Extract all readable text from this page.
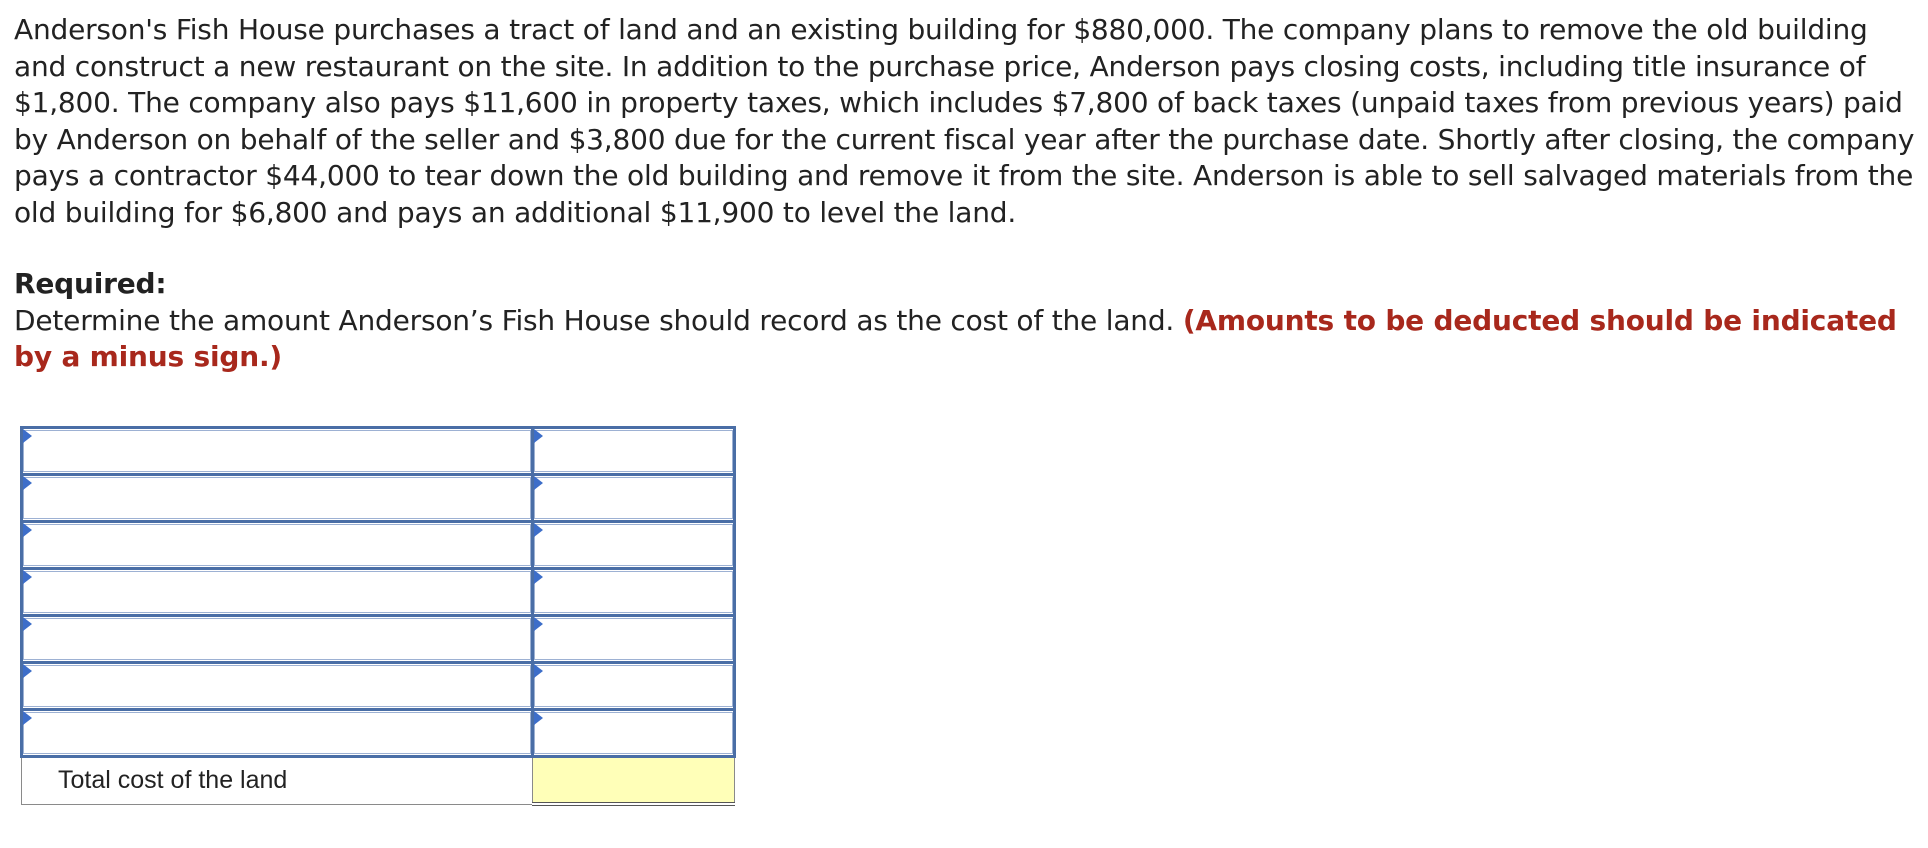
Anderson's Fish House purchases a tract of land and an existing building for $880,000. The company plans to remove the old building and construct a new restaurant on the site. In addition to the purchase price, Anderson pays closing costs, including title insurance of $1,800. The company also pays $11,600 in property taxes, which includes $7,800 of back taxes (unpaid taxes from previous years) paid by Anderson on behalf of the seller and $3,800 due for the current fiscal year after the purchase date. Shortly after closing, the company pays a contractor $44,000 to tear down the old building and remove it from the site. Anderson is able to sell salvaged materials from the old building for $6,800 and pays an additional $11,900 to level the land.

Required:
Determine the amount Anderson’s Fish House should record as the cost of the land. (Amounts to be deducted should be indicated by a minus sign.)

Total cost of the land	
